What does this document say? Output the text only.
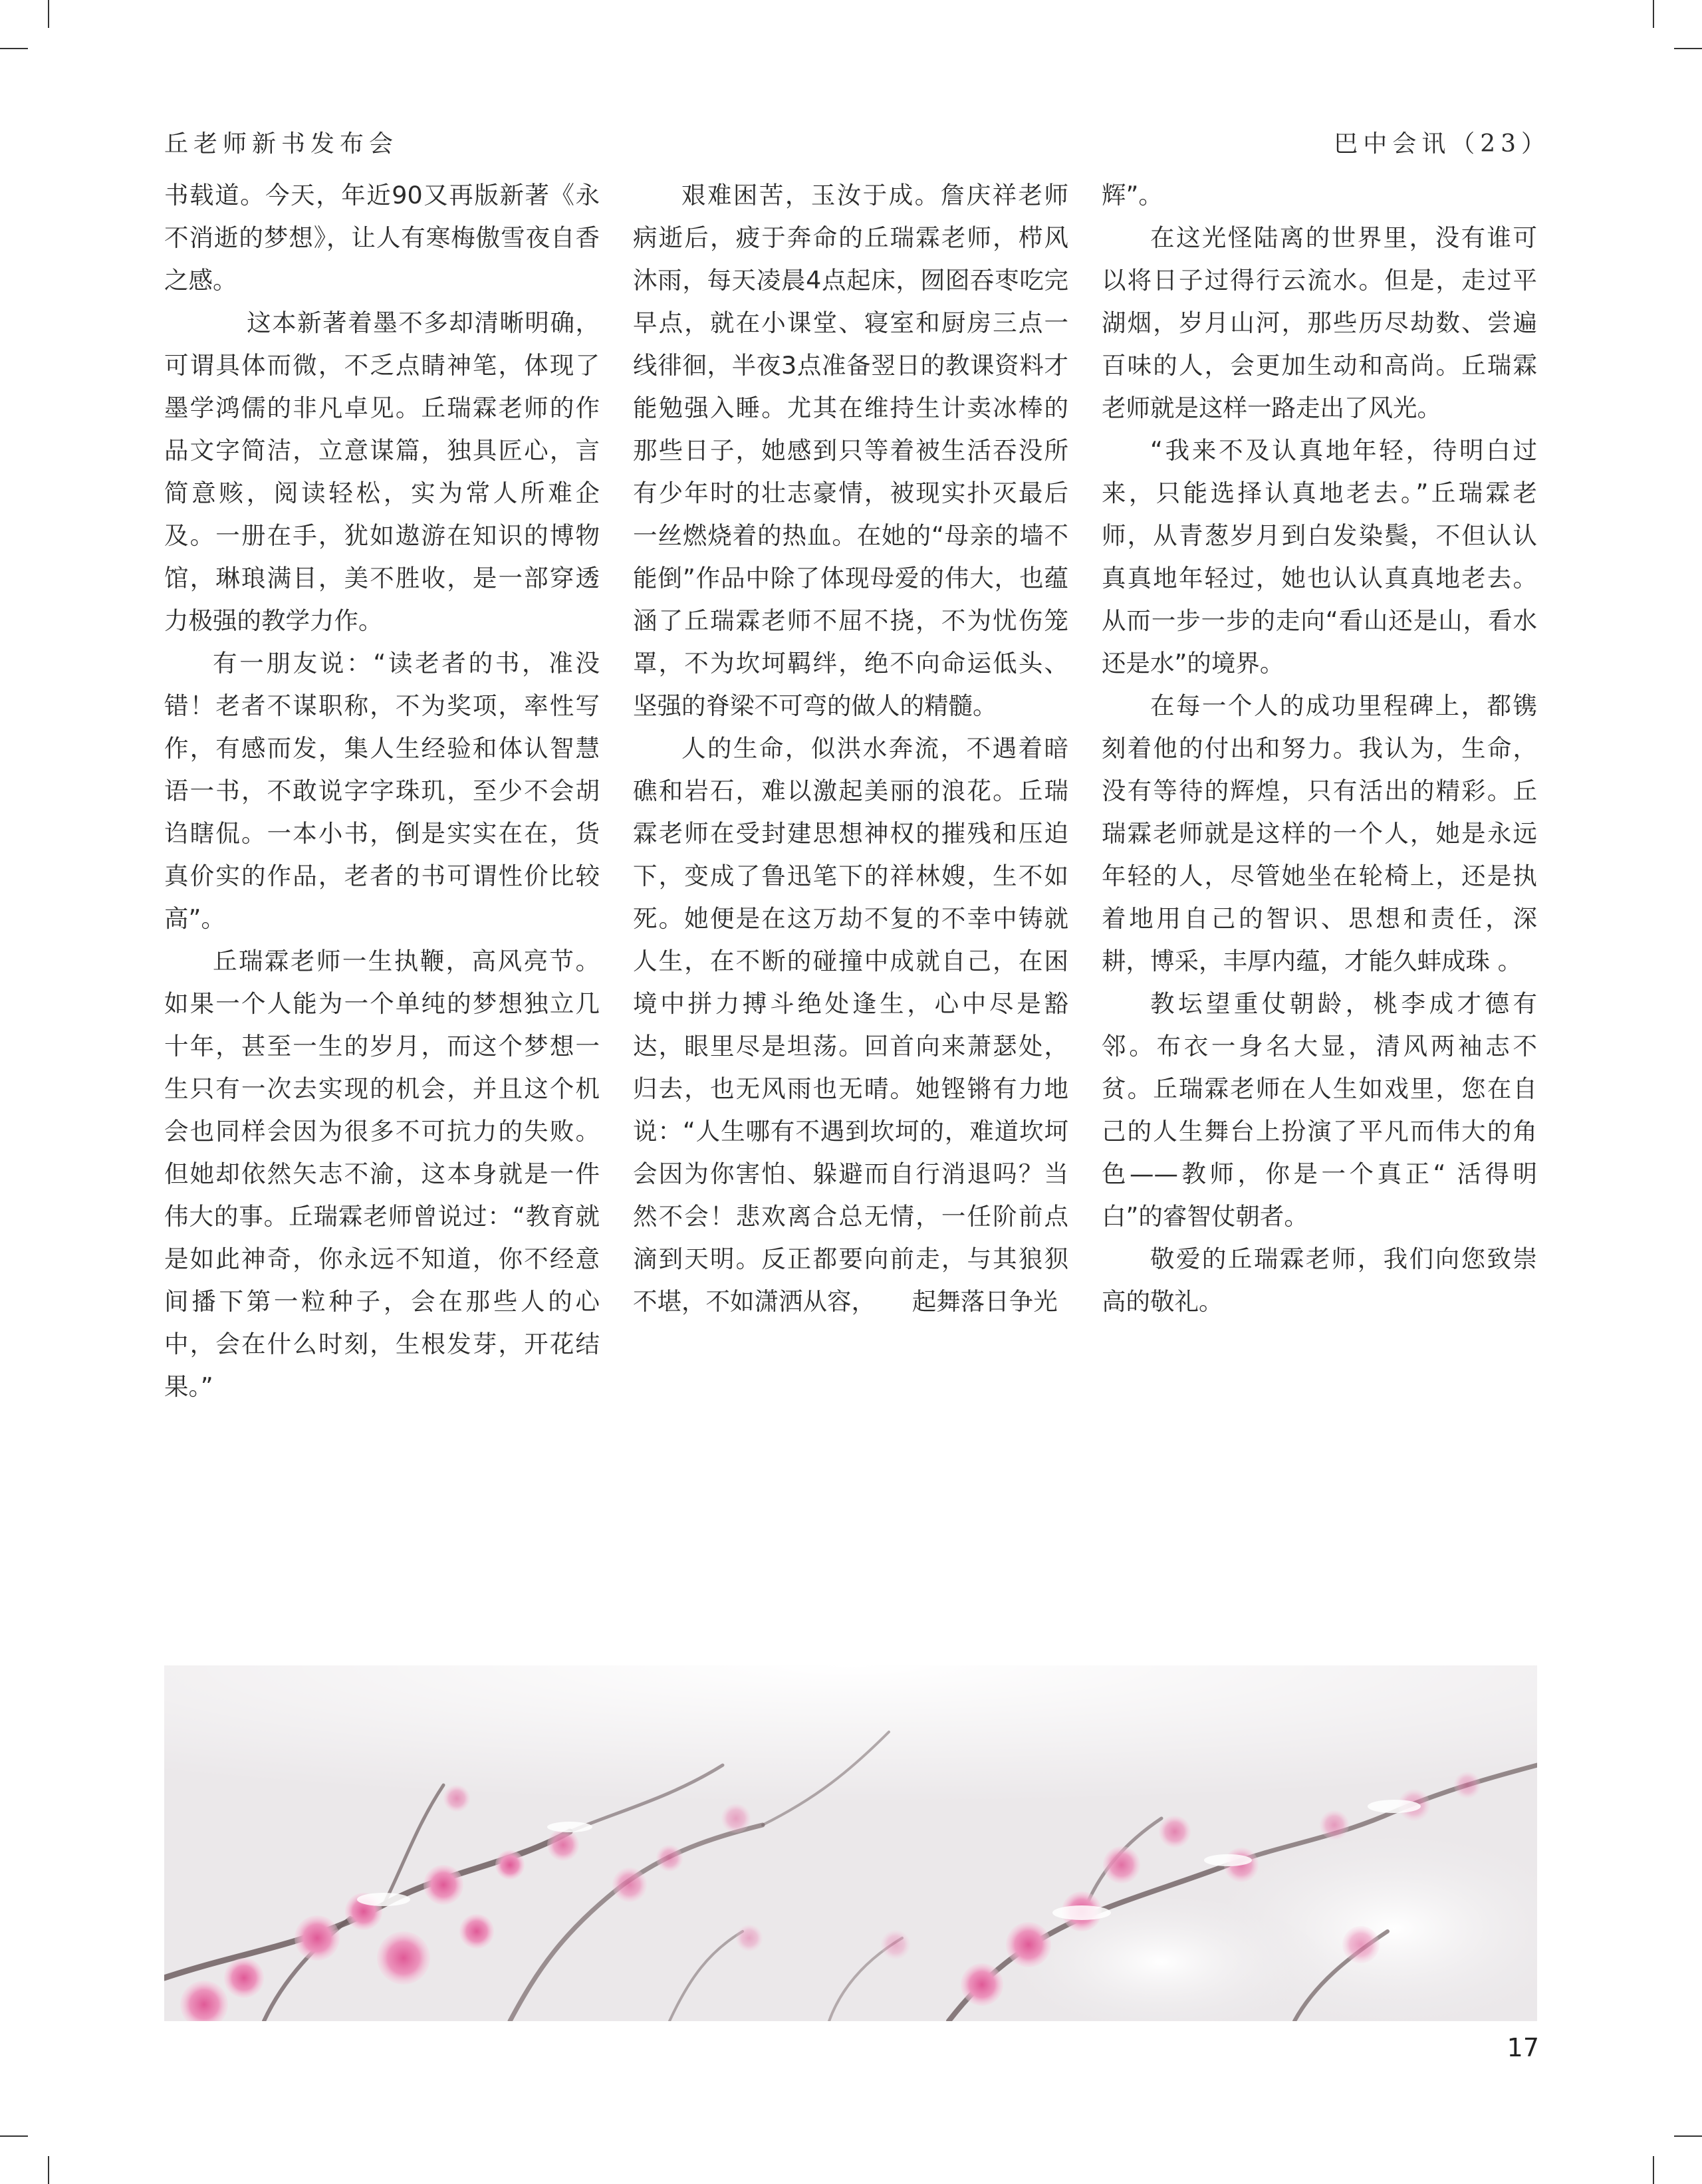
丘老师新书发布会	巴中会讯（23）

书载道。今天，年近90又再版新著《永不消逝的梦想》，让人有寒梅傲雪夜自香之感。

这本新著着墨不多却清晰明确，可谓具体而微，不乏点睛神笔，体现了墨学鸿儒的非凡卓见。丘瑞霖老师的作品文字简洁，立意谋篇，独具匠心，言简意赅，阅读轻松，实为常人所难企及。一册在手，犹如遨游在知识的博物馆，琳琅满目，美不胜收，是一部穿透力极强的教学力作。

有一朋友说：“读老者的书，准没错！老者不谋职称，不为奖项，率性写作，有感而发，集人生经验和体认智慧语一书，不敢说字字珠玑，至少不会胡诌瞎侃。一本小书，倒是实实在在，货真价实的作品，老者的书可谓性价比较高”。

丘瑞霖老师一生执鞭，高风亮节。如果一个人能为一个单纯的梦想独立几十年，甚至一生的岁月，而这个梦想一生只有一次去实现的机会，并且这个机会也同样会因为很多不可抗力的失败。但她却依然矢志不渝，这本身就是一件伟大的事。丘瑞霖老师曾说过：“教育就是如此神奇，你永远不知道，你不经意间播下第一粒种子，会在那些人的心中，会在什么时刻，生根发芽，开花结果。”

艰难困苦，玉汝于成。詹庆祥老师病逝后，疲于奔命的丘瑞霖老师，栉风沐雨，每天凌晨4点起床，囫囵吞枣吃完早点，就在小课堂、寝室和厨房三点一线徘徊，半夜3点准备翌日的教课资料才能勉强入睡。尤其在维持生计卖冰棒的那些日子，她感到只等着被生活吞没所有少年时的壮志豪情，被现实扑灭最后一丝燃烧着的热血。在她的“母亲的墙不能倒”作品中除了体现母爱的伟大，也蕴涵了丘瑞霖老师不屈不挠，不为忧伤笼罩，不为坎坷羁绊，绝不向命运低头、坚强的脊梁不可弯的做人的精髓。

人的生命，似洪水奔流，不遇着暗礁和岩石，难以激起美丽的浪花。丘瑞霖老师在受封建思想神权的摧残和压迫下，变成了鲁迅笔下的祥林嫂，生不如死。她便是在这万劫不复的不幸中铸就人生，在不断的碰撞中成就自己，在困境中拼力搏斗绝处逢生，心中尽是豁达，眼里尽是坦荡。回首向来萧瑟处，归去，也无风雨也无晴。她铿锵有力地说：“人生哪有不遇到坎坷的，难道坎坷会因为你害怕、躲避而自行消退吗？当然不会！悲欢离合总无情，一任阶前点滴到天明。反正都要向前走，与其狼狈不堪，不如潇洒从容，　　起舞落日争光

辉”。

在这光怪陆离的世界里，没有谁可以将日子过得行云流水。但是，走过平湖烟，岁月山河，那些历尽劫数、尝遍百味的人，会更加生动和高尚。丘瑞霖老师就是这样一路走出了风光。

“我来不及认真地年轻，待明白过来，只能选择认真地老去。”丘瑞霖老师，从青葱岁月到白发染鬓，不但认认真真地年轻过，她也认认真真地老去。从而一步一步的走向“看山还是山，看水还是水”的境界。

在每一个人的成功里程碑上，都镌刻着他的付出和努力。我认为，生命，没有等待的辉煌，只有活出的精彩。丘瑞霖老师就是这样的一个人，她是永远年轻的人，尽管她坐在轮椅上，还是执着地用自己的智识、思想和责任，深耕，博采，丰厚内蕴，才能久蚌成珠 。

教坛望重仗朝龄，桃李成才德有邻。布衣一身名大显，清风两袖志不贫。丘瑞霖老师在人生如戏里，您在自己的人生舞台上扮演了平凡而伟大的角色——教师，你是一个真正“ 活得明白”的睿智仗朝者。

敬爱的丘瑞霖老师，我们向您致崇高的敬礼。

17
